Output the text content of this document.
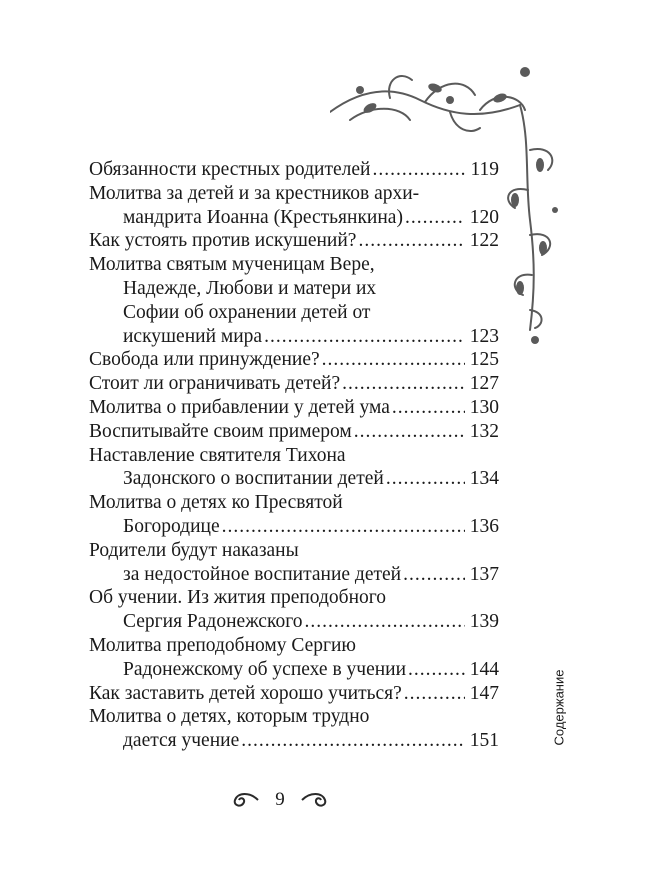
Обязанности крестных родителей .....	119
Молитва за детей и за крестников архи-
мандрита Иоанна (Крестьянкина) .....	120
Как устоять против искушений? .....	122
Молитва святым мученицам Вере,
Надежде, Любови и матери их
Софии об охранении детей от
искушений мира .....	123
Свобода или принуждение? .....	125
Стоит ли ограничивать детей? .....	127
Молитва о прибавлении у детей ума .....	130
Воспитывайте своим примером .....	132
Наставление святителя Тихона
Задонского о воспитании детей .....	134
Молитва о детях ко Пресвятой
Богородице .....	136
Родители будут наказаны
за недостойное воспитание детей .....	137
Об учении. Из жития преподобного
Сергия Радонежского .....	139
Молитва преподобному Сергию
Радонежскому об успехе в учении .....	144
Как заставить детей хорошо учиться? .....	147
Молитва о детях, которым трудно
дается учение .....	151	Содержание
9
